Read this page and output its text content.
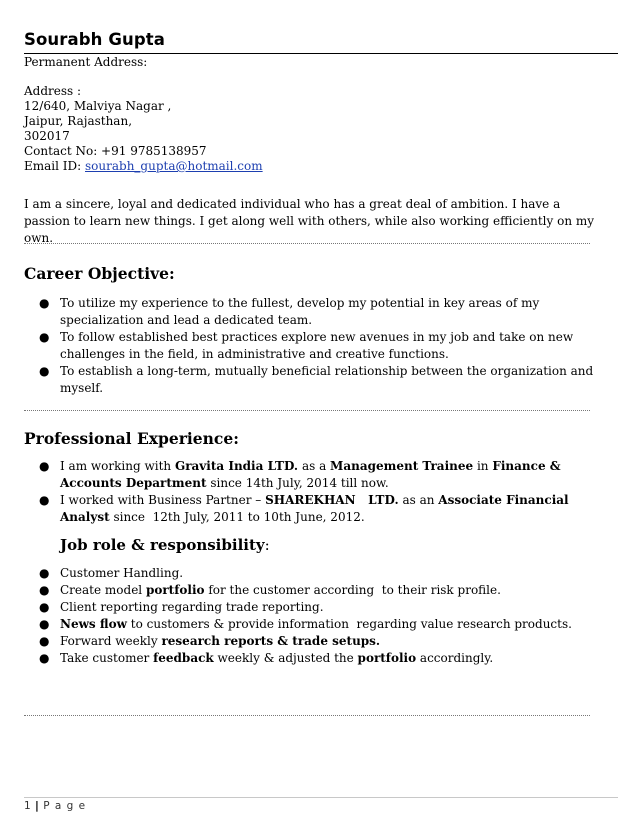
Sourabh Gupta
Permanent Address:
Address :
12/640, Malviya Nagar ,
Jaipur, Rajasthan,
302017
Contact No: +91 9785138957
Email ID: sourabh_gupta@hotmail.com
I am a sincere, loyal and dedicated individual who has a great deal of ambition. I have a passion to learn new things. I get along well with others, while also working efficiently on my own.
Career Objective:
● To utilize my experience to the fullest, develop my potential in key areas of my specialization and lead a dedicated team.
● To follow established best practices explore new avenues in my job and take on new challenges in the field, in administrative and creative functions.
● To establish a long-term, mutually beneficial relationship between the organization and myself.
Professional Experience:
● I am working with Gravita India LTD. as a Management Trainee in Finance & Accounts Department since 14th July, 2014 till now.
● I worked with Business Partner – SHAREKHAN   LTD. as an Associate Financial Analyst since  12th July, 2011 to 10th June, 2012.
Job role & responsibility:
● Customer Handling.
● Create model portfolio for the customer according  to their risk profile.
● Client reporting regarding trade reporting.
● News flow to customers & provide information  regarding value research products.
● Forward weekly research reports & trade setups.
● Take customer feedback weekly & adjusted the portfolio accordingly.
1 | P a g e
